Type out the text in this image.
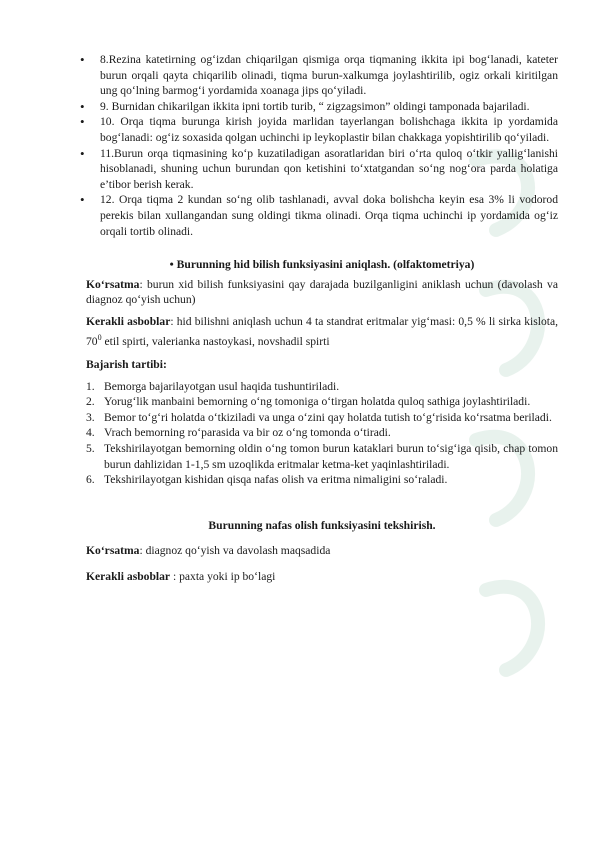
• 8.Rezina katetirning og‘izdan chiqarilgan qismiga orqa tiqmaning ikkita ipi bog‘lanadi, kateter burun orqali qayta chiqarilib olinadi, tiqma burun-xalkumga joylashtirilib, ogiz orkali kiritilgan ung qo‘lning barmog‘i yordamida xoanaga jips qo‘yiladi.
• 9. Burnidan chikarilgan ikkita ipni tortib turib, “ zigzagsimon” oldingi tamponada bajariladi.
• 10. Orqa tiqma burunga kirish joyida marlidan tayerlangan bolishchaga ikkita ip yordamida bog‘lanadi: og‘iz soxasida qolgan uchinchi ip leykoplastir bilan chakkaga yopishtirilib qo‘yiladi.
• 11.Burun orqa tiqmasining ko‘p kuzatiladigan asoratlaridan biri o‘rta quloq o‘tkir yallig‘lanishi hisoblanadi, shuning uchun burundan qon ketishini to‘xtatgandan so‘ng nog‘ora parda holatiga e’tibor berish kerak.
• 12. Orqa tiqma 2 kundan so‘ng olib tashlanadi, avval doka bolishcha keyin esa 3% li vodorod perekis bilan xullangandan sung oldingi tikma olinadi. Orqa tiqma uchinchi ip yordamida og‘iz orqali tortib olinadi.
• Burunning hid bilish funksiyasini aniqlash. (olfaktometriya)

Ko‘rsatma: burun xid bilish funksiyasini qay darajada buzilganligini aniklash uchun (davolash va diagnoz qo‘yish uchun)

Kerakli asboblar: hid bilishni aniqlash uchun 4 ta standrat eritmalar yig‘masi: 0,5 % li sirka kislota, $70^0$ etil spirti, valerianka nastoykasi, novshadil spirti

Bajarish tartibi:

1. Bemorga bajarilayotgan usul haqida tushuntiriladi.
2. Yorug‘lik manbaini bemorning o‘ng tomoniga o‘tirgan holatda quloq sathiga joylashtiriladi.
3. Bemor to‘g‘ri holatda o‘tkiziladi va unga o‘zini qay holatda tutish to‘g‘risida ko‘rsatma beriladi.
4. Vrach bemorning ro‘parasida va bir oz o‘ng tomonda o‘tiradi.
5. Tekshirilayotgan bemorning oldin o‘ng tomon burun kataklari burun to‘sig‘iga qisib, chap tomon burun dahlizidan 1-1,5 sm uzoqlikda eritmalar ketma-ket yaqinlashtiriladi.
6. Tekshirilayotgan kishidan qisqa nafas olish va eritma nimaligini so‘raladi.
Burunning nafas olish funksiyasini tekshirish.

Ko‘rsatma: diagnoz qo‘yish va davolash maqsadida

Kerakli asboblar : paxta yoki ip bo‘lagi
